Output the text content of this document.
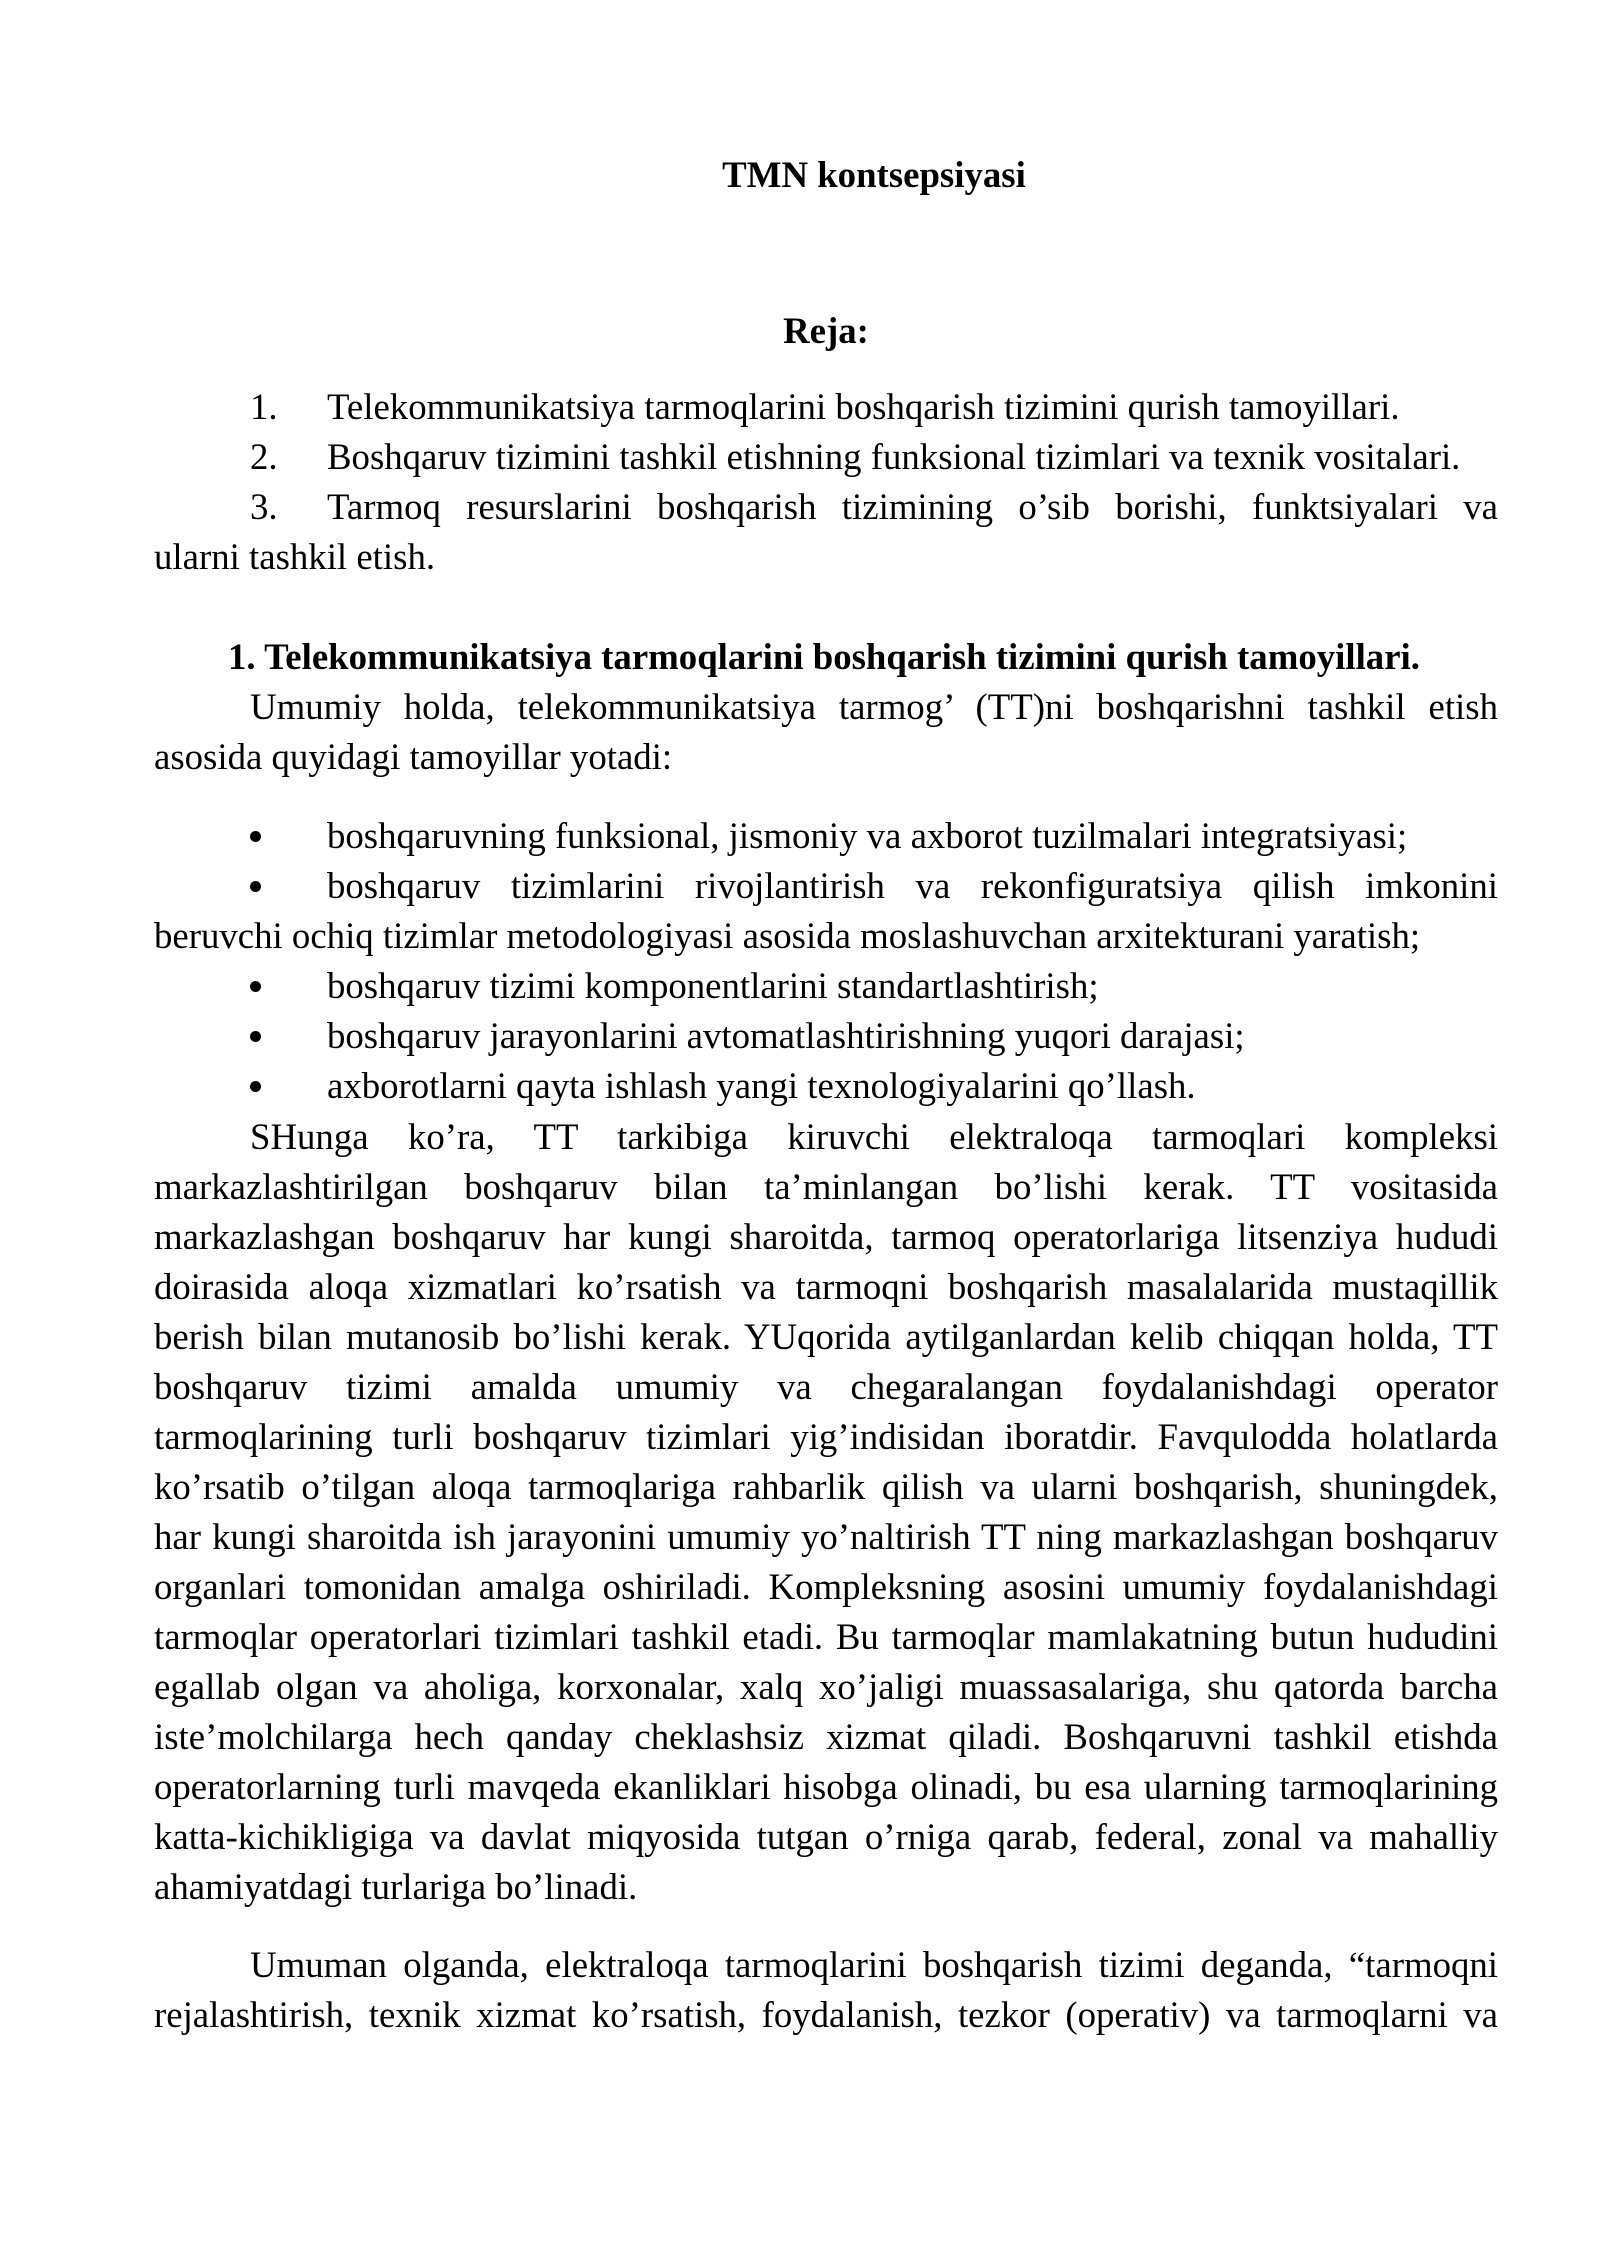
TMN kontsepsiyasi
Reja:
1. Telekommunikatsiya tarmoqlarini boshqarish tizimini qurish tamoyillari.
2. Boshqaruv tizimini tashkil etishning funksional tizimlari va texnik vositalari.
3. Tarmoq resurslarini boshqarish tizimining o’sib borishi, funktsiyalari va
ularni tashkil etish.
1. Telekommunikatsiya tarmoqlarini boshqarish tizimini qurish tamoyillari.
Umumiy holda, telekommunikatsiya tarmog’ (TT)ni boshqarishni tashkil etish
asosida quyidagi tamoyillar yotadi:
boshqaruvning funksional, jismoniy va axborot tuzilmalari integratsiyasi;
boshqaruv tizimlarini rivojlantirish va rekonfiguratsiya qilish imkonini
beruvchi ochiq tizimlar metodologiyasi asosida moslashuvchan arxitekturani yaratish;
boshqaruv tizimi komponentlarini standartlashtirish;
boshqaruv jarayonlarini avtomatlashtirishning yuqori darajasi;
axborotlarni qayta ishlash yangi texnologiyalarini qo’llash.
SHunga ko’ra, TT tarkibiga kiruvchi elektraloqa tarmoqlari kompleksi
markazlashtirilgan boshqaruv bilan ta’minlangan bo’lishi kerak. TT vositasida
markazlashgan boshqaruv har kungi sharoitda, tarmoq operatorlariga litsenziya hududi
doirasida aloqa xizmatlari ko’rsatish va tarmoqni boshqarish masalalarida mustaqillik
berish bilan mutanosib bo’lishi kerak. YUqorida aytilganlardan kelib chiqqan holda, TT
boshqaruv tizimi amalda umumiy va chegaralangan foydalanishdagi operator
tarmoqlarining turli boshqaruv tizimlari yig’indisidan iboratdir. Favqulodda holatlarda
ko’rsatib o’tilgan aloqa tarmoqlariga rahbarlik qilish va ularni boshqarish, shuningdek,
har kungi sharoitda ish jarayonini umumiy yo’naltirish TT ning markazlashgan boshqaruv
organlari tomonidan amalga oshiriladi. Kompleksning asosini umumiy foydalanishdagi
tarmoqlar operatorlari tizimlari tashkil etadi. Bu tarmoqlar mamlakatning butun hududini
egallab olgan va aholiga, korxonalar, xalq xo’jaligi muassasalariga, shu qatorda barcha
iste’molchilarga hech qanday cheklashsiz xizmat qiladi. Boshqaruvni tashkil etishda
operatorlarning turli mavqeda ekanliklari hisobga olinadi, bu esa ularning tarmoqlarining
katta-kichikligiga va davlat miqyosida tutgan o’rniga qarab, federal, zonal va mahalliy
ahamiyatdagi turlariga bo’linadi.
Umuman olganda, elektraloqa tarmoqlarini boshqarish tizimi deganda, “tarmoqni
rejalashtirish, texnik xizmat ko’rsatish, foydalanish, tezkor (operativ) va tarmoqlarni va
